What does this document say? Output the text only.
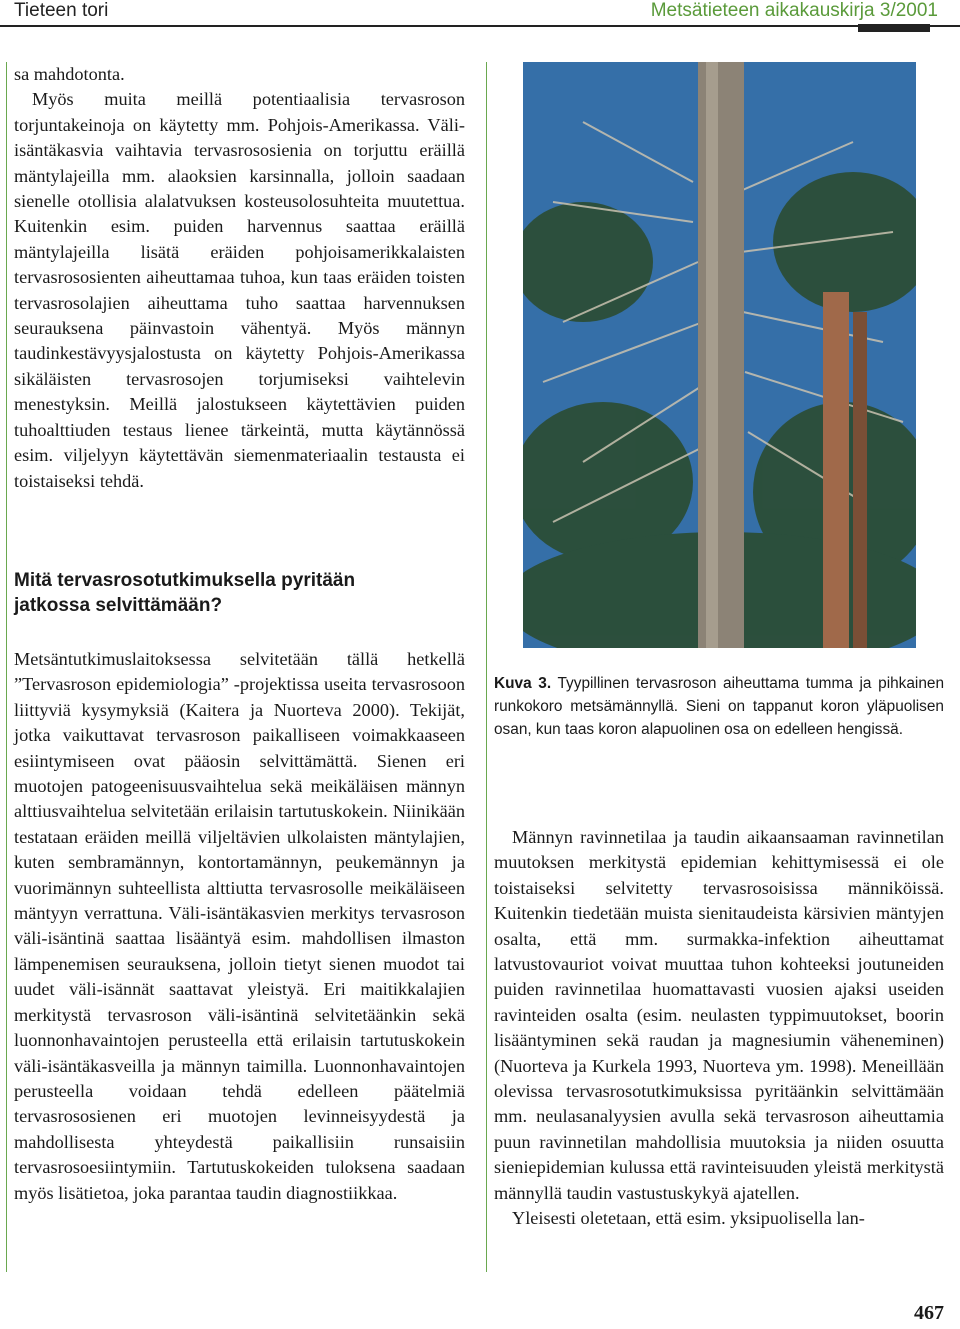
Tieteen tori	Metsätieteen aikakauskirja 3/2001

sa mahdotonta.

Myös muita meillä potentiaalisia tervasroson torjuntakeinoja on käytetty mm. Pohjois-Amerikassa. Väli-isäntäkasvia vaihtavia tervasrososienia on torjuttu eräillä mäntylajeilla mm. alaoksien karsinnalla, jolloin saadaan sienelle otollisia alalatvuksen kosteusolosuhteita muutettua. Kuitenkin esim. puiden harvennus saattaa eräillä mäntylajeilla lisätä eräiden pohjoisamerikkalaisten tervasrososienten aiheuttamaa tuhoa, kun taas eräiden toisten tervasrosolajien aiheuttama tuho saattaa harvennuksen seurauksena päinvastoin vähentyä. Myös männyn taudinkestävyysjalostusta on käytetty Pohjois-Amerikassa sikäläisten tervasrosojen torjumiseksi vaihtelevin menestyksin. Meillä jalostukseen käytettävien puiden tuhoalttiuden testaus lienee tärkeintä, mutta käytännössä esim. viljelyyn käytettävän siemenmateriaalin testausta ei toistaiseksi tehdä.

Mitä tervasrosotutkimuksella pyritään
jatkossa selvittämään?

Metsäntutkimuslaitoksessa selvitetään tällä hetkellä ”Tervasroson epidemiologia” -projektissa useita tervasrosoon liittyviä kysymyksiä (Kaitera ja Nuorteva 2000). Tekijät, jotka vaikuttavat tervasroson paikalliseen voimakkaaseen esiintymiseen ovat pääosin selvittämättä. Sienen eri muotojen patogeenisuusvaihtelua sekä meikäläisen männyn alttiusvaihtelua selvitetään erilaisin tartutuskokein. Niinikään testataan eräiden meillä viljeltävien ulkolaisten mäntylajien, kuten sembramännyn, kontortamännyn, peukemännyn ja vuorimännyn suhteellista alttiutta tervasrosolle meikäläiseen mäntyyn verrattuna. Väli-isäntäkasvien merkitys tervasroson väli-isäntinä saattaa lisääntyä esim. mahdollisen ilmaston lämpenemisen seurauksena, jolloin tietyt sienen muodot tai uudet väli-isännät saattavat yleistyä. Eri maitikkalajien merkitystä tervasroson väli-isäntinä selvitetäänkin sekä luonnonhavaintojen perusteella että erilaisin tartutuskokein väli-isäntäkasveilla ja männyn taimilla. Luonnonhavaintojen perusteella voidaan tehdä edelleen päätelmiä tervasrososienen eri muotojen levinneisyydestä ja mahdollisesta yhteydestä paikallisiin runsaisiin tervasrosoesiintymiin. Tartutuskokeiden tuloksena saadaan myös lisätietoa, joka parantaa taudin diagnostiikkaa.

Kuva 3. Tyypillinen tervasroson aiheuttama tumma ja pihkainen runkokoro metsämännyllä. Sieni on tappanut koron yläpuolisen osan, kun taas koron alapuolinen osa on edelleen hengissä.

Männyn ravinnetilaa ja taudin aikaansaaman ravinnetilan muutoksen merkitystä epidemian kehittymisessä ei ole toistaiseksi selvitetty tervasrosoisissa männiköissä. Kuitenkin tiedetään muista sienitaudeista kärsivien mäntyjen osalta, että mm. surmakka-infektion aiheuttamat latvustovauriot voivat muuttaa tuhon kohteeksi joutuneiden puiden ravinnetilaa huomattavasti vuosien ajaksi useiden ravinteiden osalta (esim. neulasten typpimuutokset, boorin lisääntyminen sekä raudan ja magnesiumin väheneminen) (Nuorteva ja Kurkela 1993, Nuorteva ym. 1998). Meneillään olevissa tervasrosotutkimuksissa pyritäänkin selvittämään mm. neulasanalyysien avulla sekä tervasroson aiheuttamia puun ravinnetilan mahdollisia muutoksia ja niiden osuutta sieniepidemian kulussa että ravinteisuuden yleistä merkitystä männyllä taudin vastustuskykyä ajatellen.

Yleisesti oletetaan, että esim. yksipuolisella lan-

467
